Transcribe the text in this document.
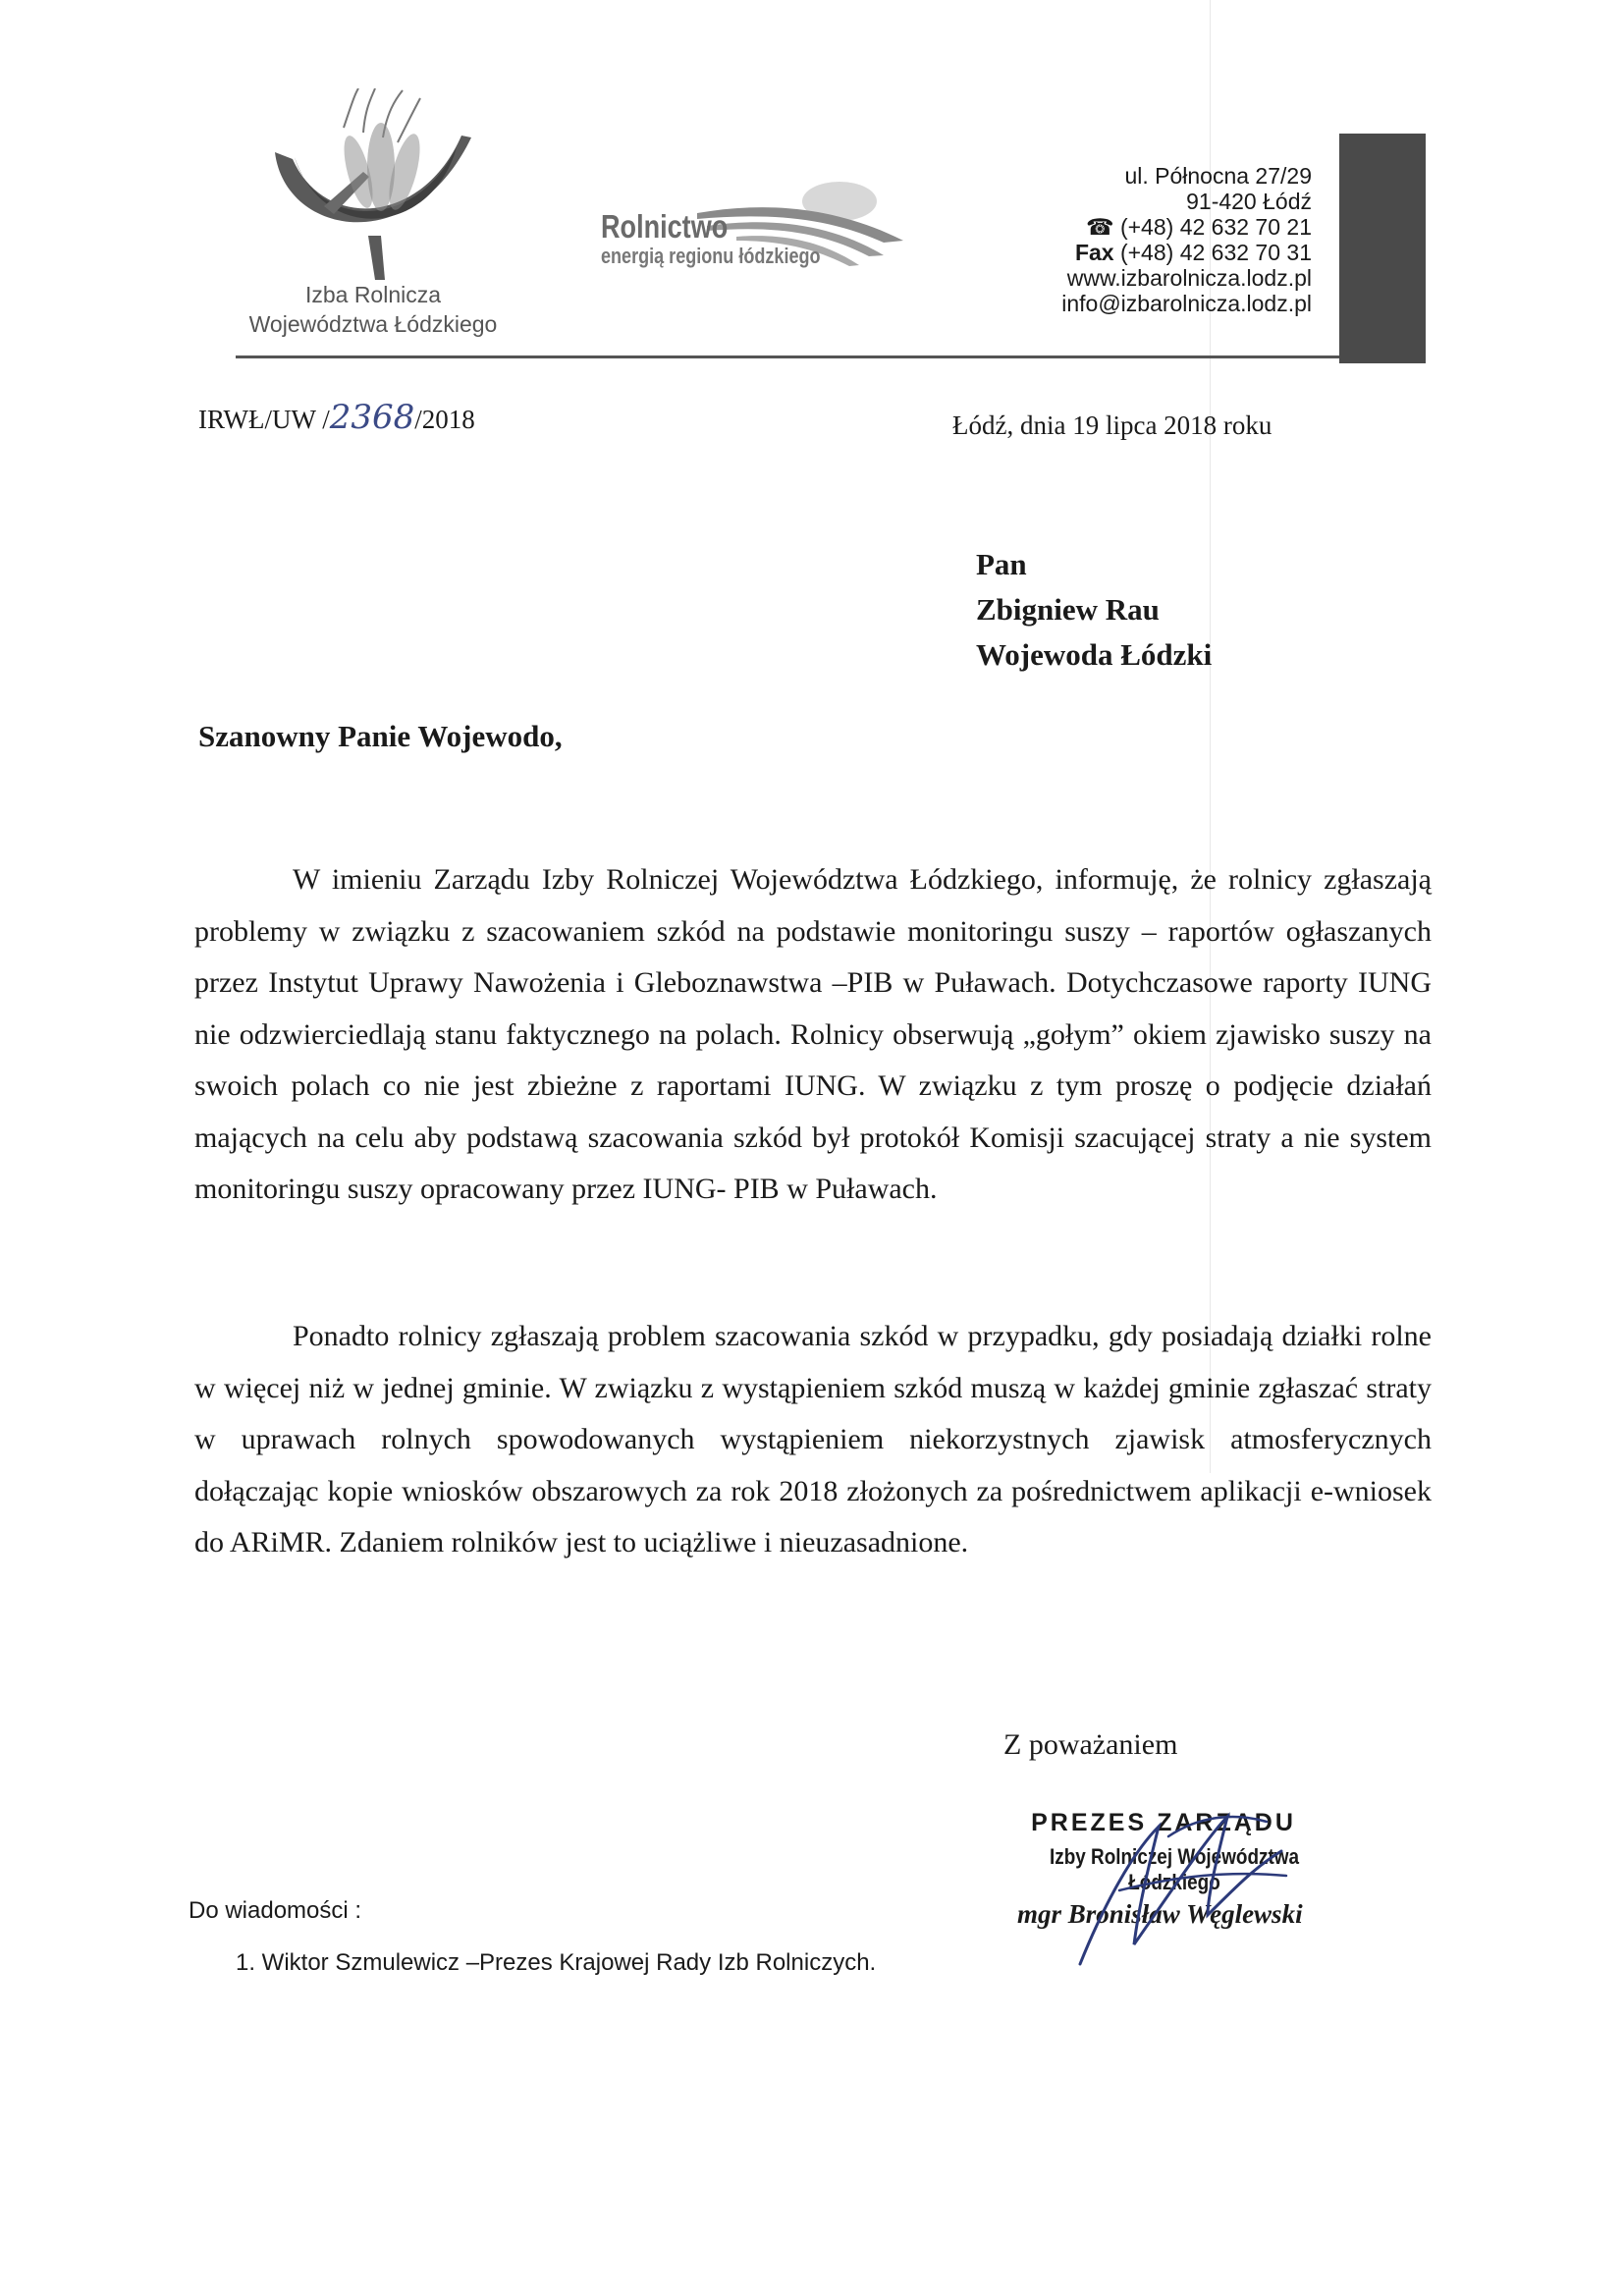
Izba Rolnicza
Województwa Łódzkiego
Rolnictwo
energią regionu łódzkiego
ul. Północna 27/29
91-420 Łódź
☎ (+48) 42 632 70 21
Fax (+48) 42 632 70 31
www.izbarolnicza.lodz.pl
info@izbarolnicza.lodz.pl
IRWŁ/UW /2368/2018	Łódź, dnia 19 lipca 2018 roku
Pan
Zbigniew Rau
Wojewoda Łódzki
Szanowny Panie Wojewodo,
W imieniu Zarządu Izby Rolniczej Województwa Łódzkiego, informuję, że rolnicy zgłaszają problemy w związku z szacowaniem szkód na podstawie monitoringu suszy – raportów ogłaszanych przez Instytut Uprawy Nawożenia i Gleboznawstwa –PIB w Puławach. Dotychczasowe raporty IUNG nie odzwierciedlają stanu faktycznego na polach. Rolnicy obserwują „gołym” okiem zjawisko suszy na swoich polach co nie jest zbieżne z raportami IUNG. W związku z tym proszę o podjęcie działań mających na celu aby podstawą szacowania szkód był protokół Komisji szacującej straty a nie system monitoringu suszy opracowany przez IUNG- PIB w Puławach.
Ponadto rolnicy zgłaszają problem szacowania szkód w przypadku, gdy posiadają działki rolne w więcej niż w jednej gminie. W związku z wystąpieniem szkód muszą w każdej gminie zgłaszać straty w uprawach rolnych spowodowanych wystąpieniem niekorzystnych zjawisk atmosferycznych dołączając kopie wniosków obszarowych za rok 2018 złożonych za pośrednictwem aplikacji e-wniosek do ARiMR. Zdaniem rolników jest to uciążliwe i nieuzasadnione.
Z poważaniem
PREZES ZARZĄDU
Izby Rolniczej Województwa Łódzkiego
mgr Bronisław Węglewski
Do wiadomości :
1. Wiktor Szmulewicz –Prezes Krajowej Rady Izb Rolniczych.
